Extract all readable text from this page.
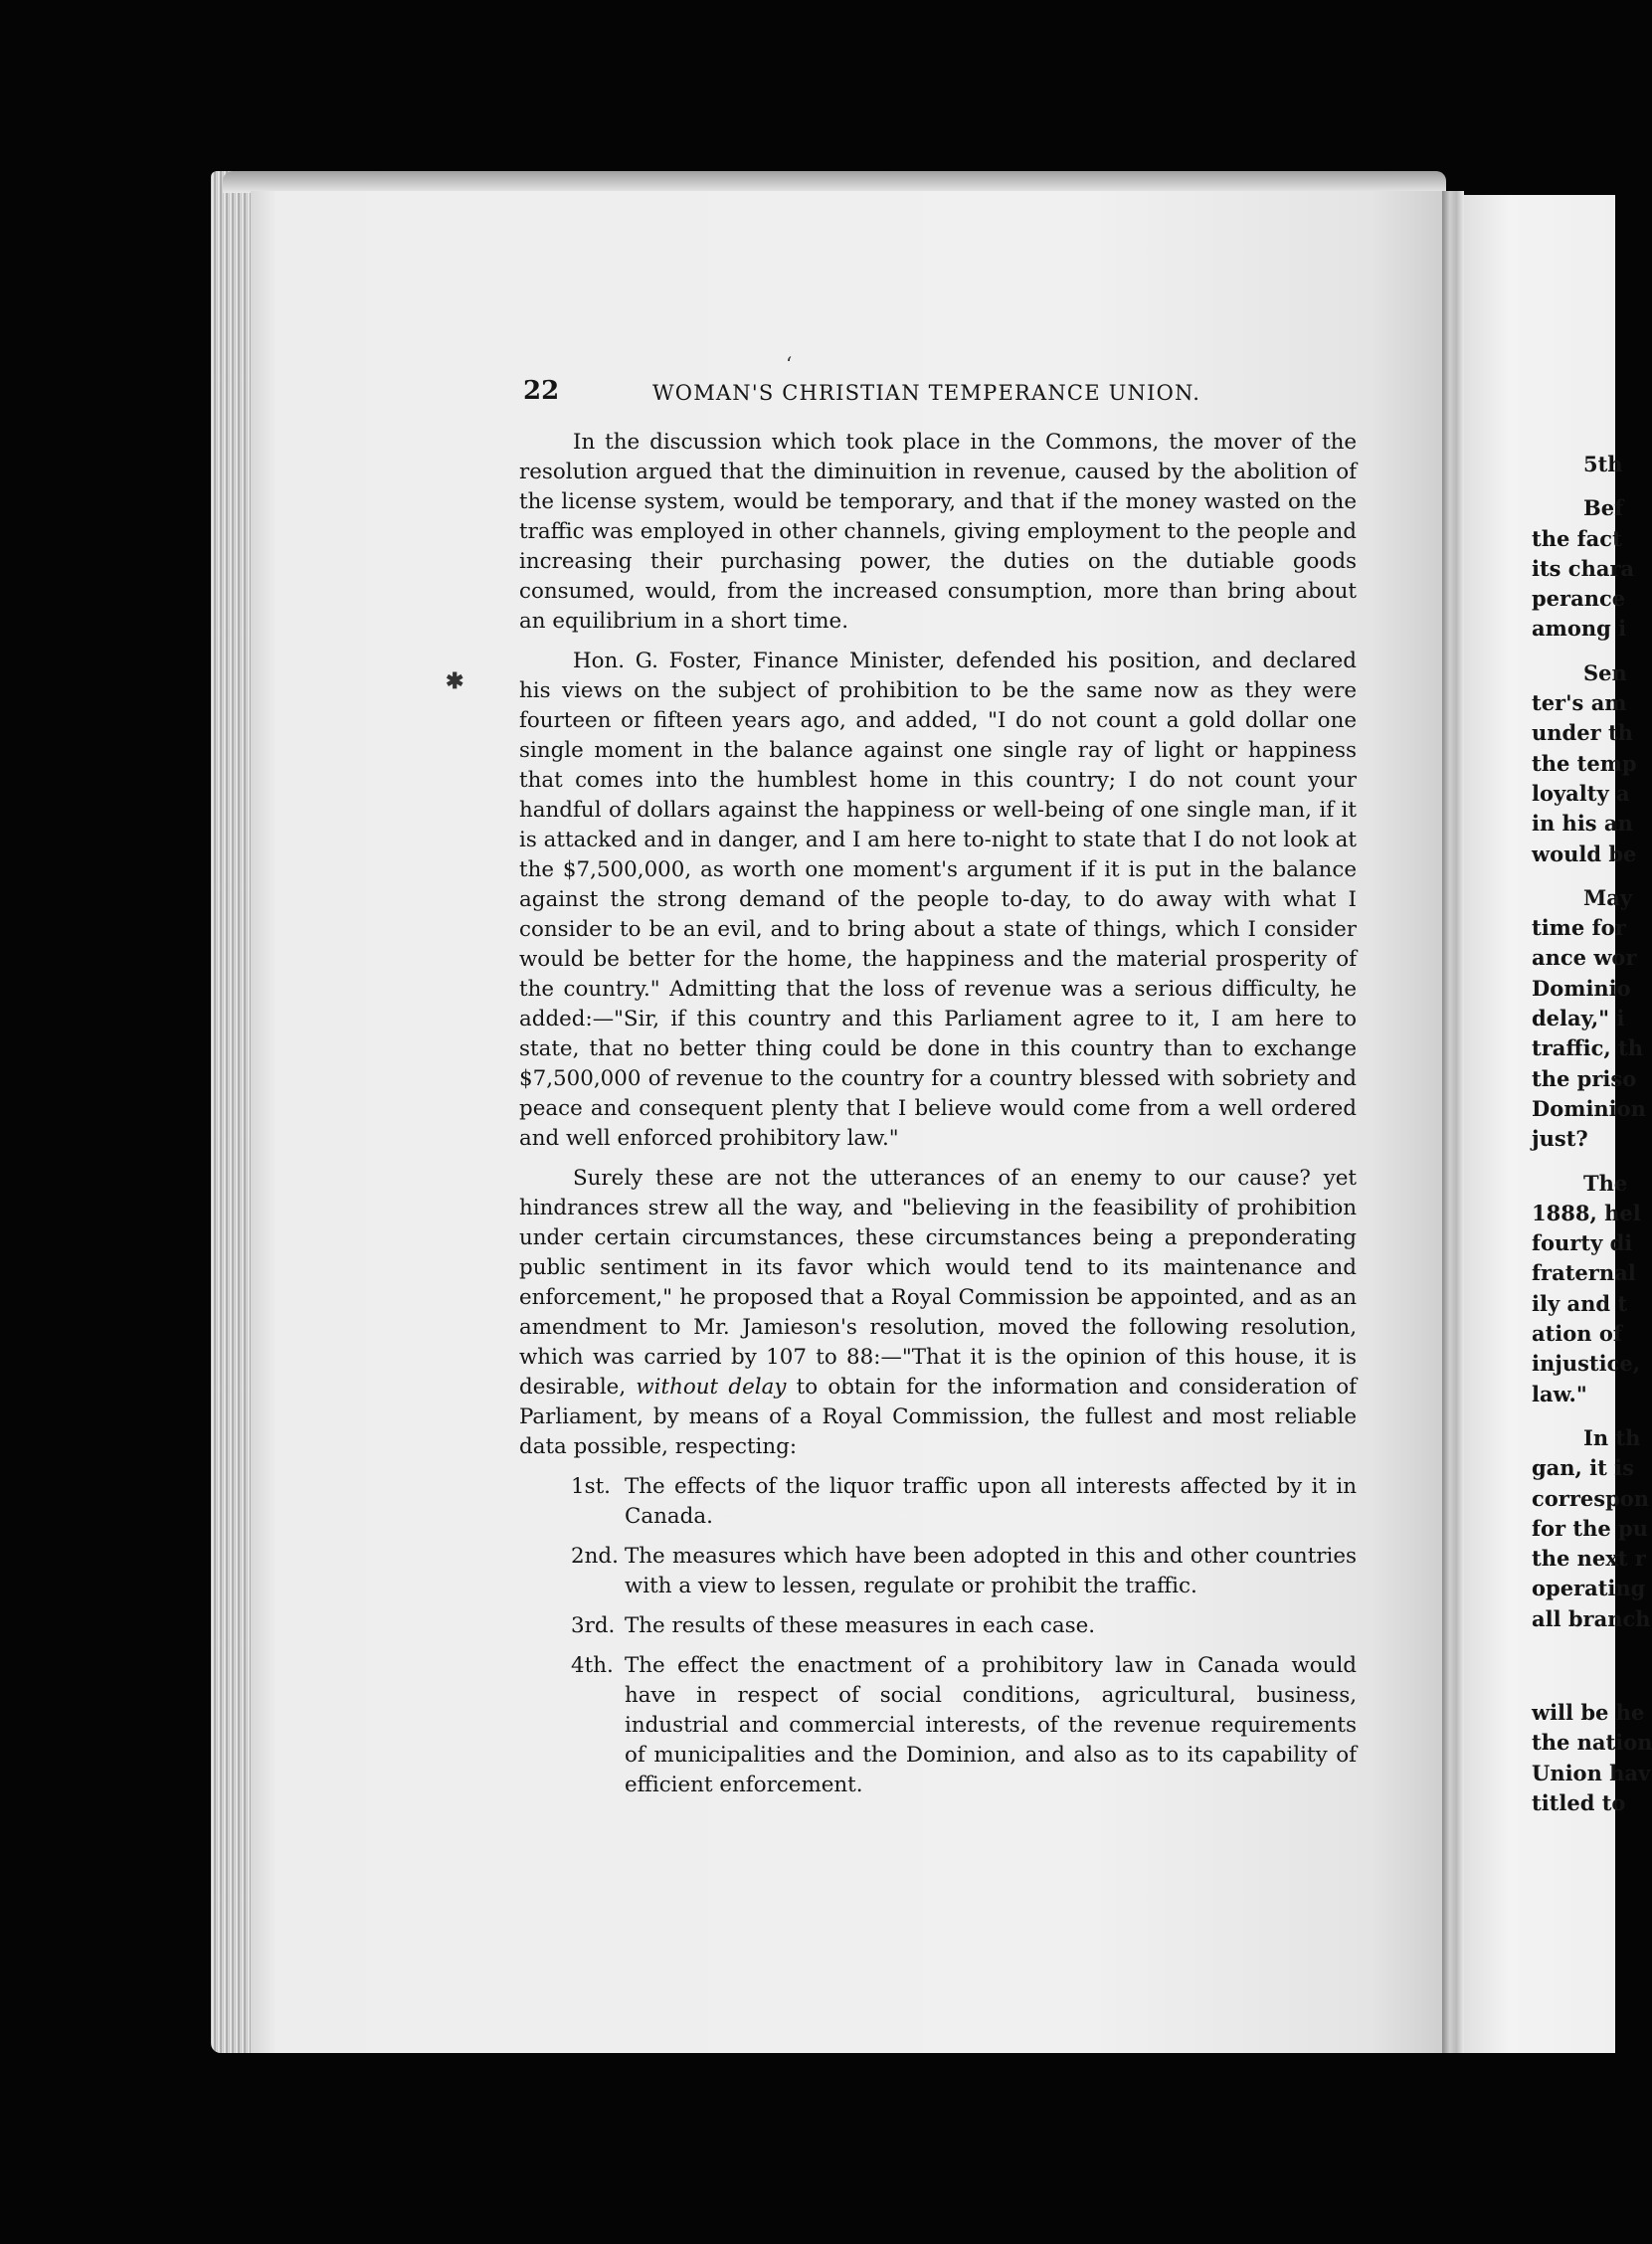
✱
‘
22	WOMAN'S CHRISTIAN TEMPERANCE UNION.

In the discussion which took place in the Commons, the mover of the resolution argued that the diminuition in revenue, caused by the abolition of the license system, would be temporary, and that if the money wasted on the traffic was employed in other channels, giving employment to the people and increasing their purchasing power, the duties on the dutiable goods consumed, would, from the increased consumption, more than bring about an equilibrium in a short time.

Hon. G. Foster, Finance Minister, defended his position, and declared his views on the subject of prohibition to be the same now as they were fourteen or fifteen years ago, and added, "I do not count a gold dollar one single moment in the balance against one single ray of light or happiness that comes into the humblest home in this country; I do not count your handful of dollars against the happiness or well-being of one single man, if it is attacked and in danger, and I am here to-night to state that I do not look at the $7,500,000, as worth one moment's argument if it is put in the balance against the strong demand of the people to-day, to do away with what I consider to be an evil, and to bring about a state of things, which I consider would be better for the home, the happiness and the material prosperity of the country." Admitting that the loss of revenue was a serious difficulty, he added:—"Sir, if this country and this Parliament agree to it, I am here to state, that no better thing could be done in this country than to exchange $7,500,000 of revenue to the country for a country blessed with sobriety and peace and consequent plenty that I believe would come from a well ordered and well enforced prohibitory law."

Surely these are not the utterances of an enemy to our cause? yet hindrances strew all the way, and "believing in the feasibility of prohibition under certain circumstances, these circumstances being a preponderating public sentiment in its favor which would tend to its maintenance and enforcement," he proposed that a Royal Commission be appointed, and as an amendment to Mr. Jamieson's resolution, moved the following resolution, which was carried by 107 to 88:—"That it is the opinion of this house, it is desirable, without delay to obtain for the information and consideration of Parliament, by means of a Royal Commission, the fullest and most reliable data possible, respecting:

1st. The effects of the liquor traffic upon all interests affected by it in Canada.
2nd. The measures which have been adopted in this and other countries with a view to lessen, regulate or prohibit the traffic.
3rd. The results of these measures in each case.
4th. The effect the enactment of a prohibitory law in Canada would have in respect of social conditions, agricultural, business, industrial and commercial interests, of the revenue requirements of municipalities and the Dominion, and also as to its capability of efficient enforcement.
5th
Bef
the fact
its chara
perance
among i
Sen
ter's am
under th
the temp
loyalty a
in his an
would be
May
time for
ance wor
Dominio
delay," i
traffic, th
the priso
Dominion
just?
The
1888, hel
fourty di
fraternal
ily and t
ation of
injustice,
law."
In th
gan, it is
correspon
for the pu
the next r
operating
all branch
will be he
the nation
Union hav
titled to
